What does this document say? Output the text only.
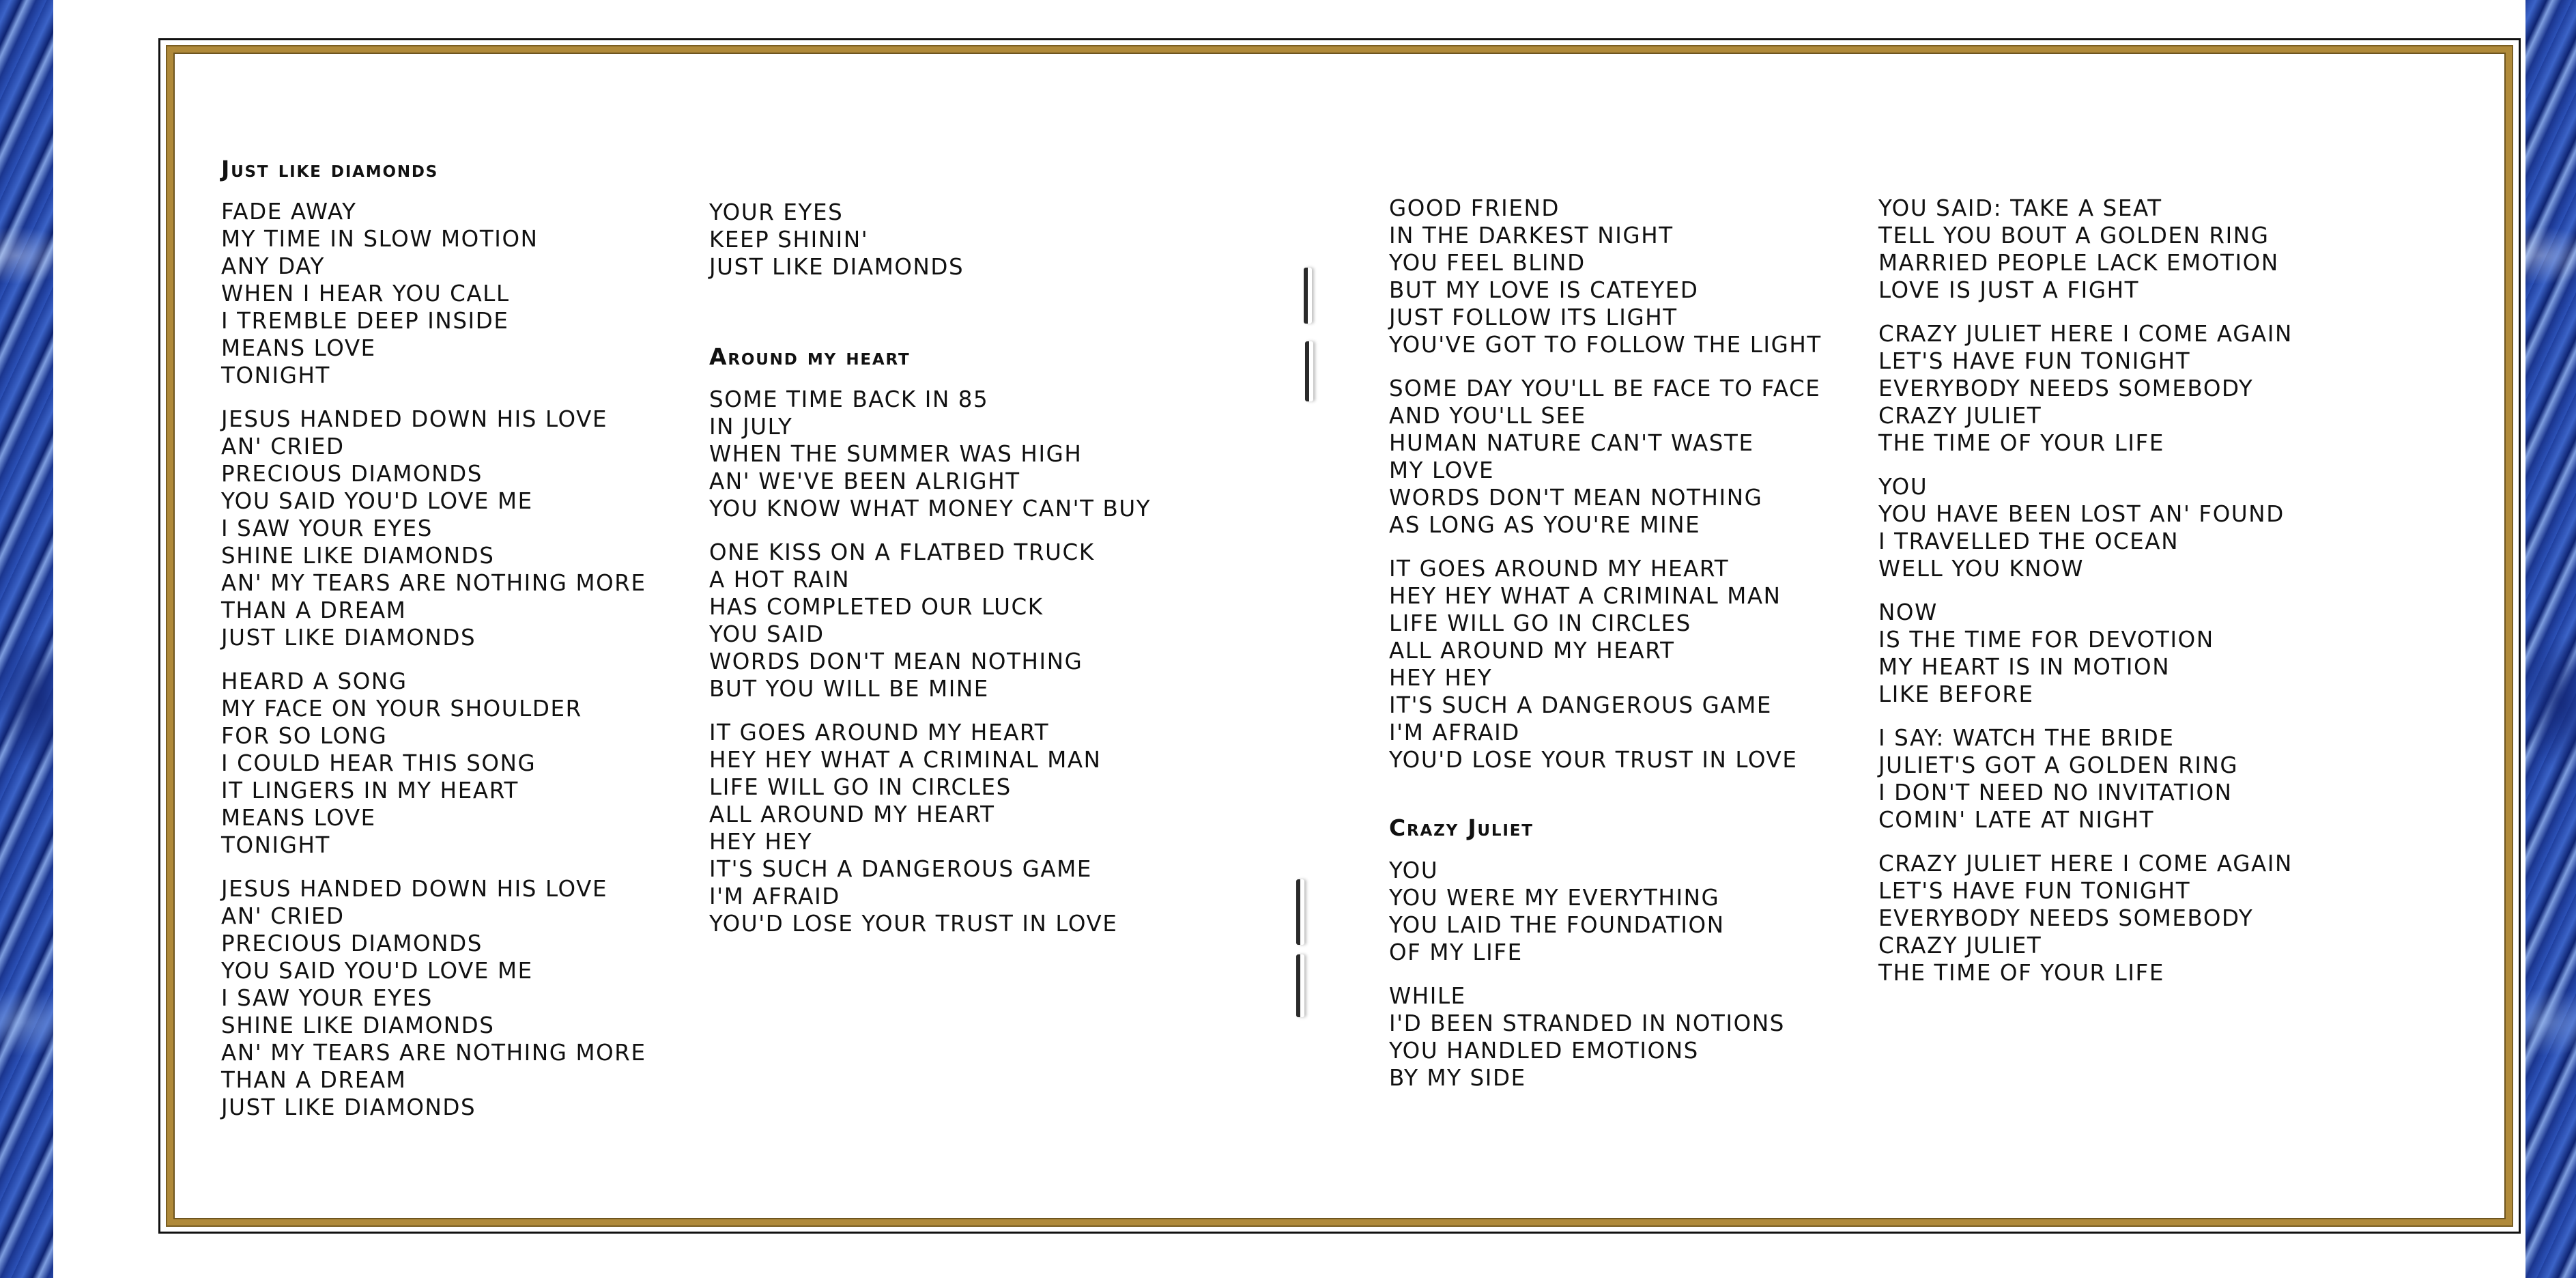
Just like diamonds
FADE AWAY
MY TIME IN SLOW MOTION
ANY DAY
WHEN I HEAR YOU CALL
I TREMBLE DEEP INSIDE
MEANS LOVE
TONIGHT
JESUS HANDED DOWN HIS LOVE
AN' CRIED
PRECIOUS DIAMONDS
YOU SAID YOU'D LOVE ME
I SAW YOUR EYES
SHINE LIKE DIAMONDS
AN' MY TEARS ARE NOTHING MORE
THAN A DREAM
JUST LIKE DIAMONDS
HEARD A SONG
MY FACE ON YOUR SHOULDER
FOR SO LONG
I COULD HEAR THIS SONG
IT LINGERS IN MY HEART
MEANS LOVE
TONIGHT
JESUS HANDED DOWN HIS LOVE
AN' CRIED
PRECIOUS DIAMONDS
YOU SAID YOU'D LOVE ME
I SAW YOUR EYES
SHINE LIKE DIAMONDS
AN' MY TEARS ARE NOTHING MORE
THAN A DREAM
JUST LIKE DIAMONDS
YOUR EYES
KEEP SHININ'
JUST LIKE DIAMONDS
Around my heart
SOME TIME BACK IN 85
IN JULY
WHEN THE SUMMER WAS HIGH
AN' WE'VE BEEN ALRIGHT
YOU KNOW WHAT MONEY CAN'T BUY
ONE KISS ON A FLATBED TRUCK
A HOT RAIN
HAS COMPLETED OUR LUCK
YOU SAID
WORDS DON'T MEAN NOTHING
BUT YOU WILL BE MINE
IT GOES AROUND MY HEART
HEY HEY WHAT A CRIMINAL MAN
LIFE WILL GO IN CIRCLES
ALL AROUND MY HEART
HEY HEY
IT'S SUCH A DANGEROUS GAME
I'M AFRAID
YOU'D LOSE YOUR TRUST IN LOVE
GOOD FRIEND
IN THE DARKEST NIGHT
YOU FEEL BLIND
BUT MY LOVE IS CATEYED
JUST FOLLOW ITS LIGHT
YOU'VE GOT TO FOLLOW THE LIGHT
SOME DAY YOU'LL BE FACE TO FACE
AND YOU'LL SEE
HUMAN NATURE CAN'T WASTE
MY LOVE
WORDS DON'T MEAN NOTHING
AS LONG AS YOU'RE MINE
IT GOES AROUND MY HEART
HEY HEY WHAT A CRIMINAL MAN
LIFE WILL GO IN CIRCLES
ALL AROUND MY HEART
HEY HEY
IT'S SUCH A DANGEROUS GAME
I'M AFRAID
YOU'D LOSE YOUR TRUST IN LOVE
Crazy Juliet
YOU
YOU WERE MY EVERYTHING
YOU LAID THE FOUNDATION
OF MY LIFE
WHILE
I'D BEEN STRANDED IN NOTIONS
YOU HANDLED EMOTIONS
BY MY SIDE
YOU SAID: TAKE A SEAT
TELL YOU BOUT A GOLDEN RING
MARRIED PEOPLE LACK EMOTION
LOVE IS JUST A FIGHT
CRAZY JULIET HERE I COME AGAIN
LET'S HAVE FUN TONIGHT
EVERYBODY NEEDS SOMEBODY
CRAZY JULIET
THE TIME OF YOUR LIFE
YOU
YOU HAVE BEEN LOST AN' FOUND
I TRAVELLED THE OCEAN
WELL YOU KNOW
NOW
IS THE TIME FOR DEVOTION
MY HEART IS IN MOTION
LIKE BEFORE
I SAY: WATCH THE BRIDE
JULIET'S GOT A GOLDEN RING
I DON'T NEED NO INVITATION
COMIN' LATE AT NIGHT
CRAZY JULIET HERE I COME AGAIN
LET'S HAVE FUN TONIGHT
EVERYBODY NEEDS SOMEBODY
CRAZY JULIET
THE TIME OF YOUR LIFE
